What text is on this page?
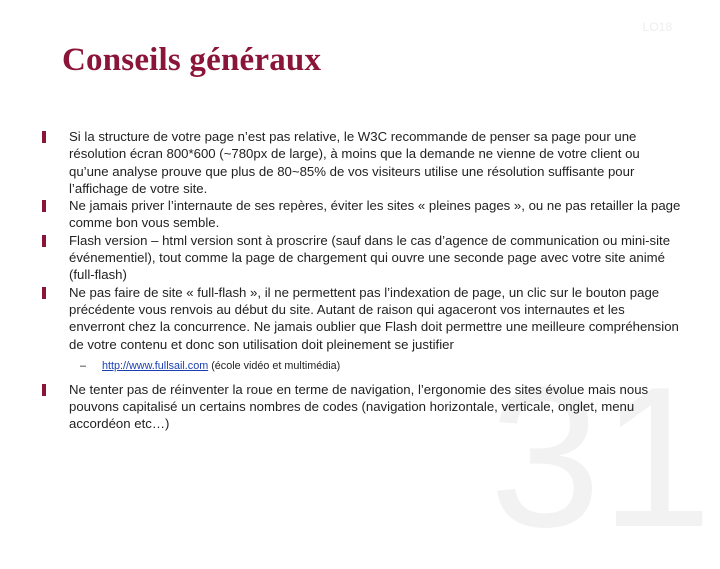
LO18
Conseils généraux
31
Si la structure de votre page n’est pas relative, le W3C recommande de penser sa page pour une résolution écran 800*600 (~780px de large), à moins que la demande ne vienne de votre client ou qu’une analyse prouve que plus de 80~85% de vos visiteurs utilise une résolution suffisante pour l’affichage de votre site.
Ne jamais priver l’internaute de ses repères, éviter les sites « pleines pages », ou ne pas retailler la page comme bon vous semble.
Flash version – html version sont à proscrire (sauf dans le cas d’agence de communication ou mini-site événementiel), tout comme la page de chargement qui ouvre une seconde page avec votre site animé (full-flash)
Ne pas faire de site « full-flash », il ne permettent pas l’indexation de page, un clic sur le bouton page précédente vous renvois au début du site. Autant de raison qui agaceront vos internautes et les enverront chez la concurrence. Ne jamais oublier que Flash doit permettre une meilleure compréhension de votre contenu et donc son utilisation doit pleinement se justifier
– http://www.fullsail.com (école vidéo et multimédia)
Ne tenter pas de réinventer la roue en terme de navigation, l’ergonomie des sites évolue mais nous pouvons capitalisé un certains nombres de codes (navigation horizontale, verticale, onglet, menu accordéon etc…)
